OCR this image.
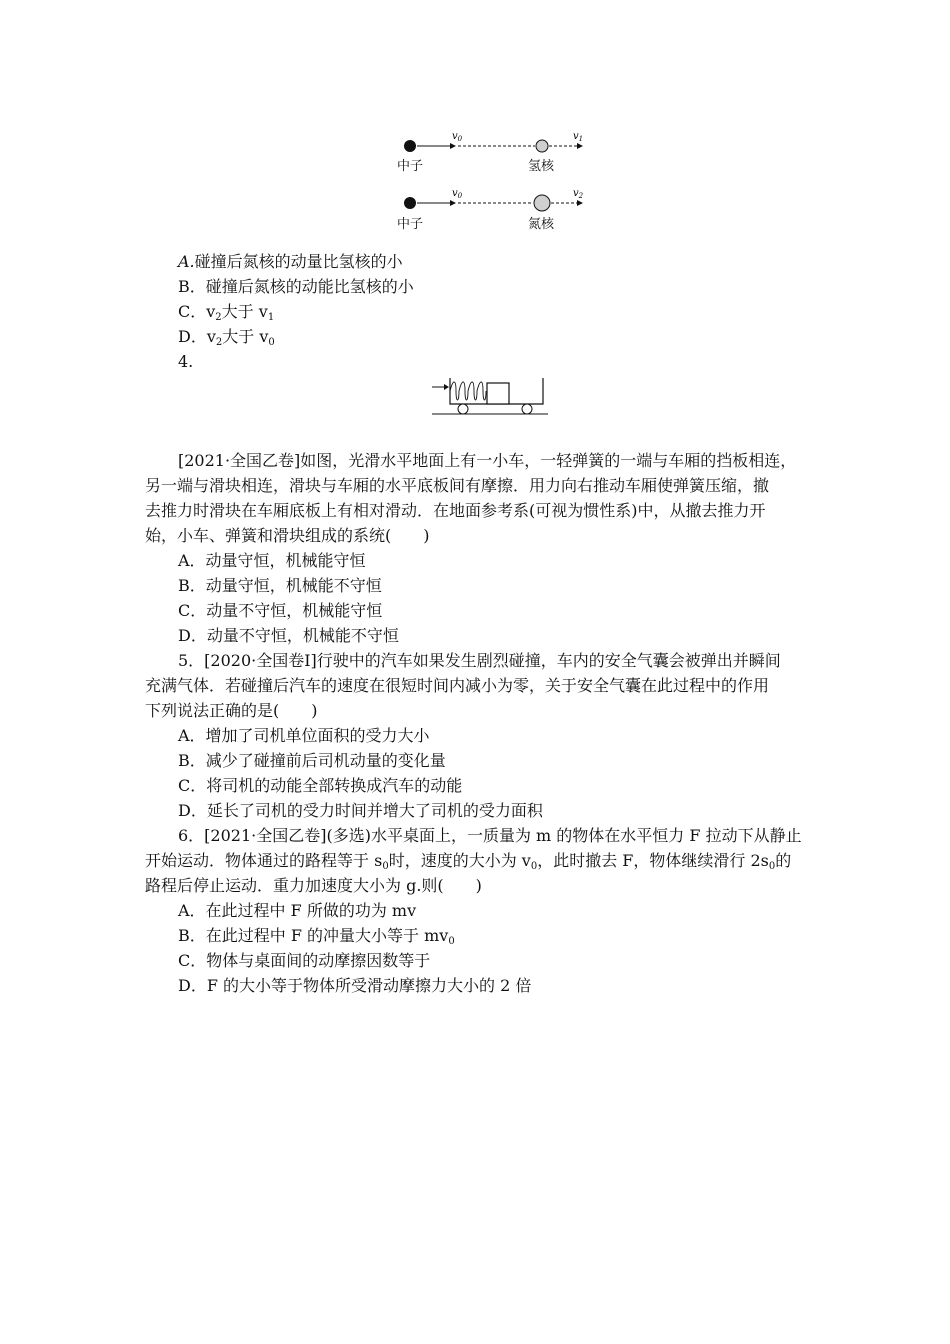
$v_0$	$v_1$
$v_0$	$v_2$
中子	氢核
中子	氮核
A.碰撞后氮核的动量比氢核的小
B．碰撞后氮核的动能比氢核的小
C．$v_2$大于 $v_1$
D．$v_2$大于 $v_0$
4.
[2021·全国乙卷]如图，光滑水平地面上有一小车，一轻弹簧的一端与车厢的挡板相连，
另一端与滑块相连，滑块与车厢的水平底板间有摩擦．用力向右推动车厢使弹簧压缩，撤
去推力时滑块在车厢底板上有相对滑动．在地面参考系(可视为惯性系)中，从撤去推力开
始，小车、弹簧和滑块组成的系统(　　)
A．动量守恒，机械能守恒
B．动量守恒，机械能不守恒
C．动量不守恒，机械能守恒
D．动量不守恒，机械能不守恒
5．[2020·全国卷Ⅰ]行驶中的汽车如果发生剧烈碰撞，车内的安全气囊会被弹出并瞬间
充满气体．若碰撞后汽车的速度在很短时间内减小为零，关于安全气囊在此过程中的作用
下列说法正确的是(　　)
A．增加了司机单位面积的受力大小
B．减少了碰撞前后司机动量的变化量
C．将司机的动能全部转换成汽车的动能
D．延长了司机的受力时间并增大了司机的受力面积
6．[2021·全国乙卷](多选)水平桌面上，一质量为 m 的物体在水平恒力 F 拉动下从静止
开始运动．物体通过的路程等于 $s_0$时，速度的大小为 $v_0$，此时撤去 F，物体继续滑行 $2s_0$的
路程后停止运动．重力加速度大小为 g.则(　　)
A．在此过程中 F 所做的功为 mv
B．在此过程中 F 的冲量大小等于 $mv_0$
C．物体与桌面间的动摩擦因数等于
D．F 的大小等于物体所受滑动摩擦力大小的 2 倍
